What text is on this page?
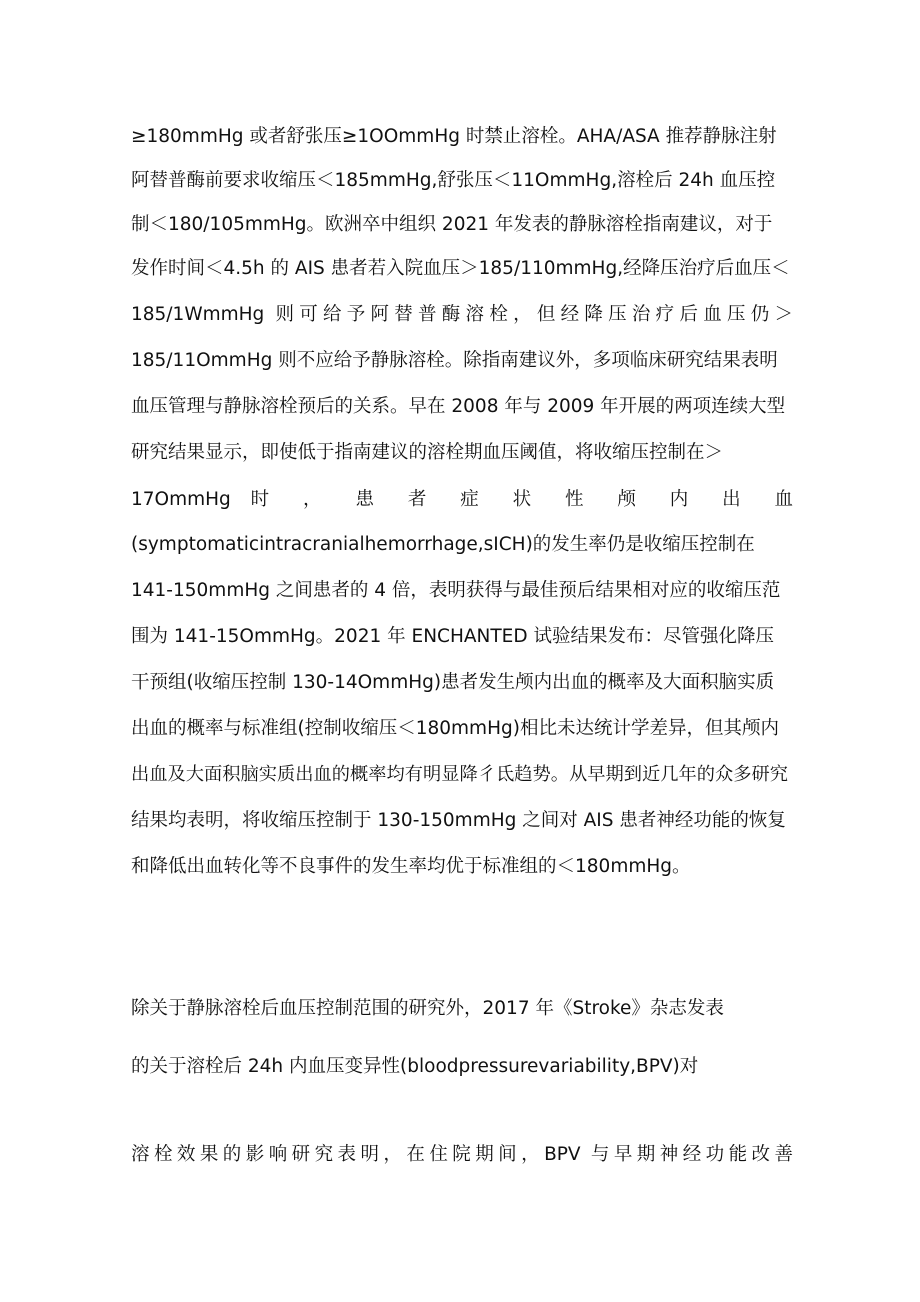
≥180mmHg 或者舒张压≥1OOmmHg 时禁止溶栓。AHA/ASA 推荐静脉注射
阿替普酶前要求收缩压＜185mmHg,舒张压＜11OmmHg,溶栓后 24h 血压控
制＜180/105mmHg。欧洲卒中组织 2021 年发表的静脉溶栓指南建议，对于
发作时间＜4.5h 的 AIS 患者若入院血压＞185/110mmHg,经降压治疗后血压＜
185/1WmmHg 则可给予阿替普酶溶栓，但经降压治疗后血压仍＞
185/11OmmHg 则不应给予静脉溶栓。除指南建议外，多项临床研究结果表明
血压管理与静脉溶栓预后的关系。早在 2008 年与 2009 年开展的两项连续大型
研究结果显示，即使低于指南建议的溶栓期血压阈值，将收缩压控制在＞
17OmmHg 时 ， 患 者 症 状 性 颅 内 出 血
(symptomaticintracranialhemorrhage,sICH)的发生率仍是收缩压控制在
141-150mmHg 之间患者的 4 倍，表明获得与最佳预后结果相对应的收缩压范
围为 141-15OmmHg。2021 年 ENCHANTED 试验结果发布：尽管强化降压
干预组(收缩压控制 130-14OmmHg)患者发生颅内出血的概率及大面积脑实质
出血的概率与标准组(控制收缩压＜180mmHg)相比未达统计学差异，但其颅内
出血及大面积脑实质出血的概率均有明显降彳氐趋势。从早期到近几年的众多研究
结果均表明，将收缩压控制于 130-150mmHg 之间对 AIS 患者神经功能的恢复
和降低出血转化等不良事件的发生率均优于标准组的＜180mmHg。
除关于静脉溶栓后血压控制范围的研究外，2017 年《Stroke》杂志发表
的关于溶栓后 24h 内血压变异性(bloodpressurevariability,BPV)对
溶栓效果的影响研究表明，在住院期间，BPV 与早期神经功能改善
